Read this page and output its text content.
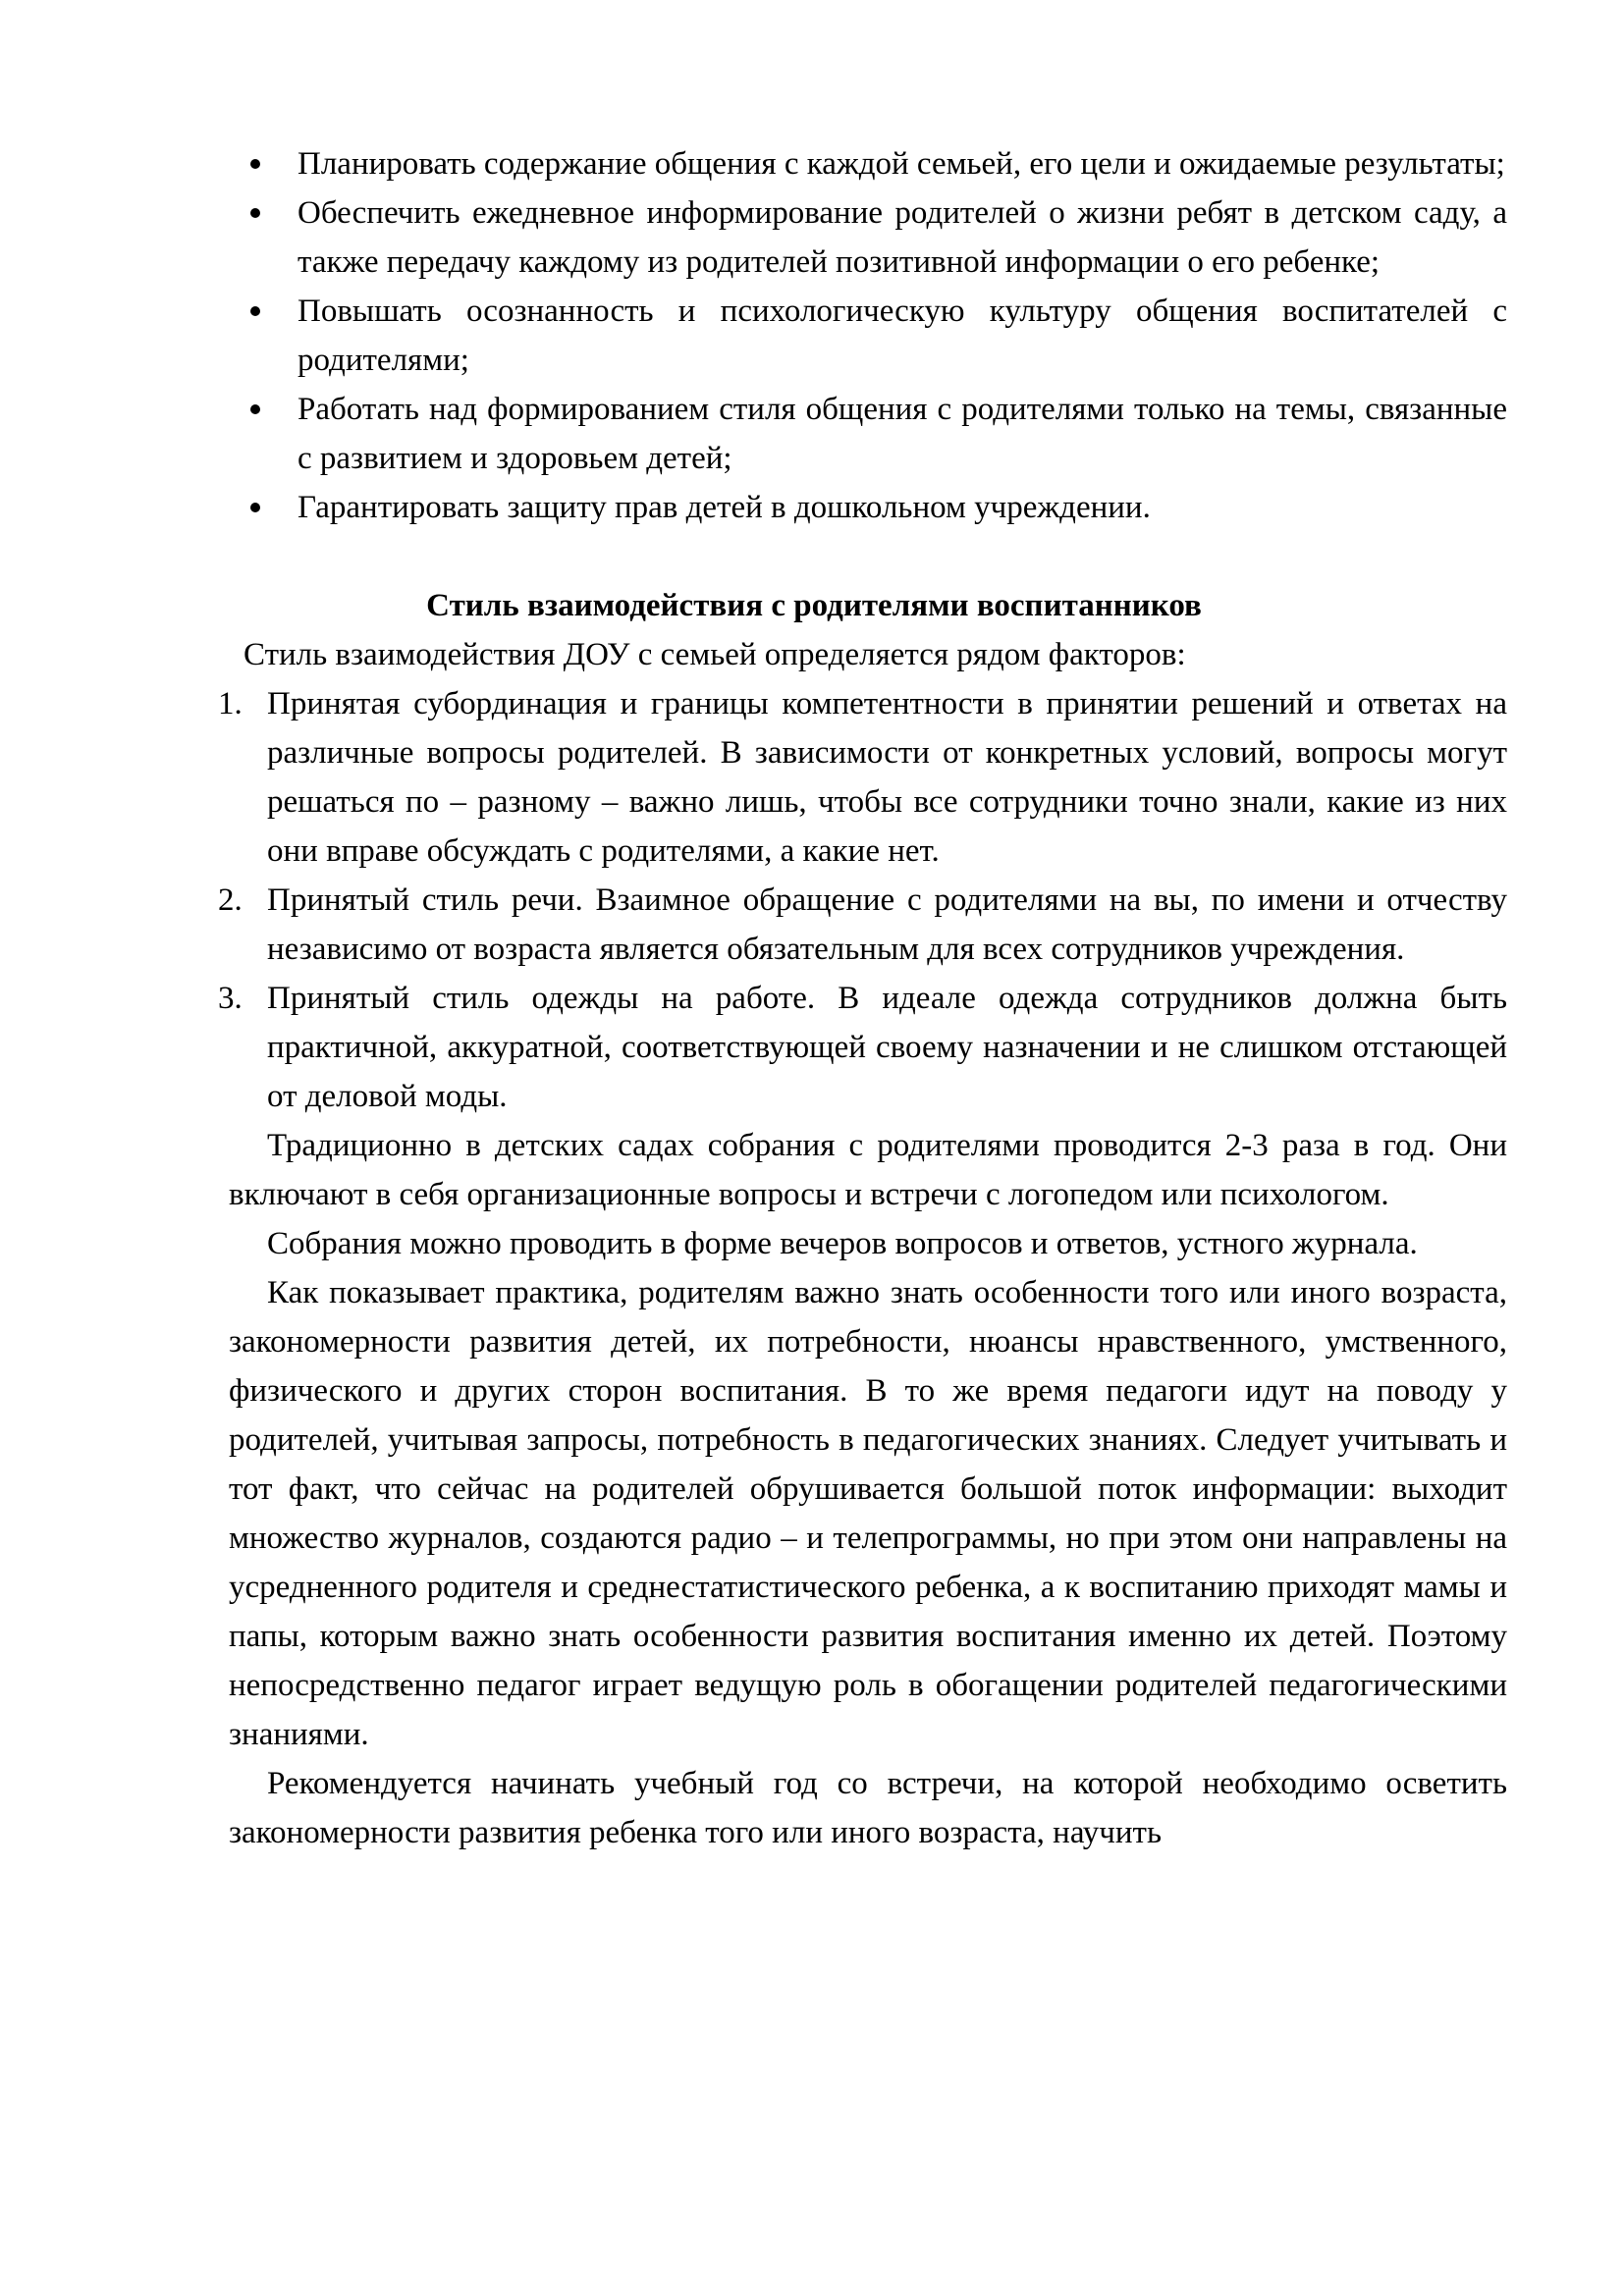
Планировать содержание общения с каждой семьей, его цели и ожидаемые результаты;
Обеспечить ежедневное информирование родителей о жизни ребят в детском саду, а также передачу каждому из родителей позитивной информации о его ребенке;
Повышать осознанность и психологическую культуру общения воспитателей с родителями;
Работать над формированием стиля общения с родителями только на темы, связанные с развитием и здоровьем детей;
Гарантировать защиту прав детей в дошкольном учреждении.
Стиль взаимодействия с родителями воспитанников

Стиль взаимодействия ДОУ с семьей определяется рядом факторов:

1. Принятая субординация и границы компетентности в принятии решений и ответах на различные вопросы родителей. В зависимости от конкретных условий, вопросы могут решаться по – разному – важно лишь, чтобы все сотрудники точно знали, какие из них они вправе обсуждать с родителями, а какие нет.
2. Принятый стиль речи. Взаимное обращение с родителями на вы, по имени и отчеству независимо от возраста является обязательным для всех сотрудников учреждения.
3. Принятый стиль одежды на работе. В идеале одежда сотрудников должна быть практичной, аккуратной, соответствующей своему назначении и не слишком отстающей от деловой моды.

Традиционно в детских садах собрания с родителями проводится 2-3 раза в год. Они включают в себя организационные вопросы и встречи с логопедом или психологом.

Собрания можно проводить в форме вечеров вопросов и ответов, устного журнала.

Как показывает практика, родителям важно знать особенности того или иного возраста, закономерности развития детей, их потребности, нюансы нравственного, умственного, физического и других сторон воспитания. В то же время педагоги идут на поводу у родителей, учитывая запросы, потребность в педагогических знаниях. Следует учитывать и тот факт, что сейчас на родителей обрушивается большой поток информации: выходит множество журналов, создаются радио – и телепрограммы, но при этом они направлены на усредненного родителя и среднестатистического ребенка, а к воспитанию приходят мамы и папы, которым важно знать особенности развития воспитания именно их детей. Поэтому непосредственно педагог играет ведущую роль в обогащении родителей педагогическими знаниями.

Рекомендуется начинать учебный год со встречи, на которой необходимо осветить закономерности развития ребенка того или иного возраста, научить
